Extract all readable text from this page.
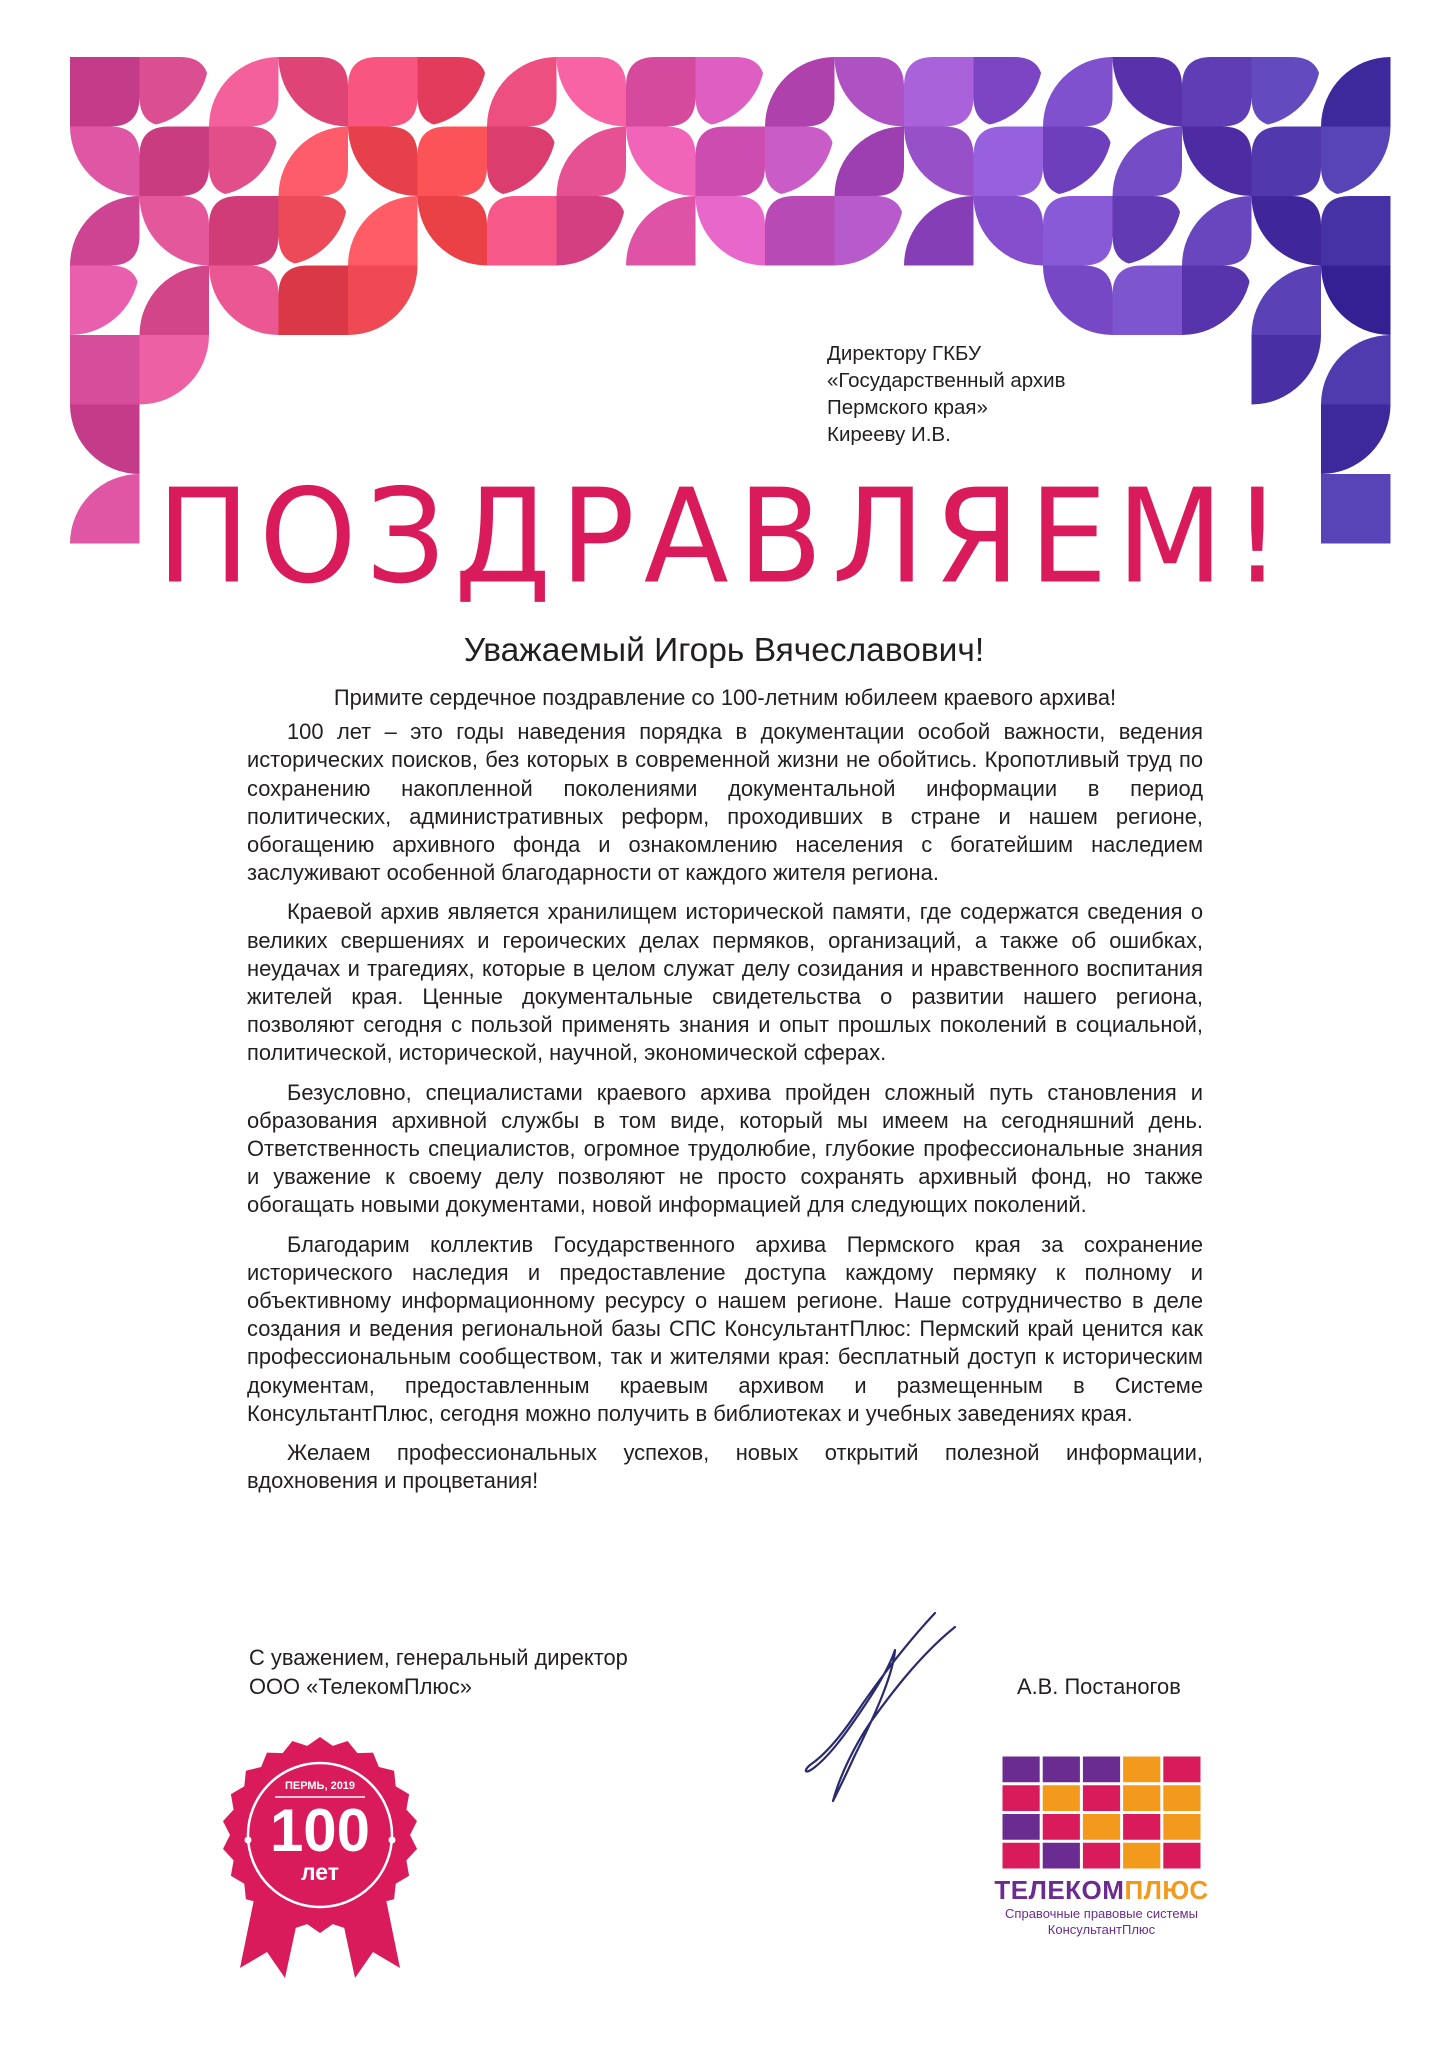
Директору ГКБУ
«Государственный архив
Пермского края»
Кирееву И.В.
ПОЗДРАВЛЯЕМ!
Уважаемый Игорь Вячеславович!

Примите сердечное поздравление со 100-летним юбилеем краевого архива!

100 лет – это годы наведения порядка в документации особой важности, ведения исторических поисков, без которых в современной жизни не обойтись. Кропотливый труд по сохранению накопленной поколениями документальной информации в период политических, административных реформ, проходивших в стране и нашем регионе, обогащению архивного фонда и ознакомлению населения с богатейшим наследием заслуживают особенной благодарности от каждого жителя региона.

Краевой архив является хранилищем исторической памяти, где содержатся сведения о великих свершениях и героических делах пермяков, организаций, а также об ошибках, неудачах и трагедиях, которые в целом служат делу созидания и нравственного воспитания жителей края. Ценные документальные свидетельства о развитии нашего региона, позволяют сегодня с пользой применять знания и опыт прошлых поколений в социальной, политической, исторической, научной, экономической сферах.

Безусловно, специалистами краевого архива пройден сложный путь становления и образования архивной службы в том виде, который мы имеем на сегодняшний день. Ответственность специалистов, огромное трудолюбие, глубокие профессиональные знания и уважение к своему делу позволяют не просто сохранять архивный фонд, но также обогащать новыми документами, новой информацией для следующих поколений.

Благодарим коллектив Государственного архива Пермского края за сохранение исторического наследия и предоставление доступа каждому пермяку к полному и объективному информационному ресурсу о нашем регионе. Наше сотрудничество в деле создания и ведения региональной базы СПС КонсультантПлюс: Пермский край ценится как профессиональным сообществом, так и жителями края: бесплатный доступ к историческим документам, предоставленным краевым архивом и размещенным в Системе КонсультантПлюс, сегодня можно получить в библиотеках и учебных заведениях края.

Желаем профессиональных успехов, новых открытий полезной информации, вдохновения и процветания!

С уважением, генеральный директор
ООО «ТелекомПлюс»	А.В. Постаногов
ПЕРМЬ, 2019
100
лет
ТЕЛЕКОМПЛЮС
Справочные правовые системы
КонсультантПлюс
